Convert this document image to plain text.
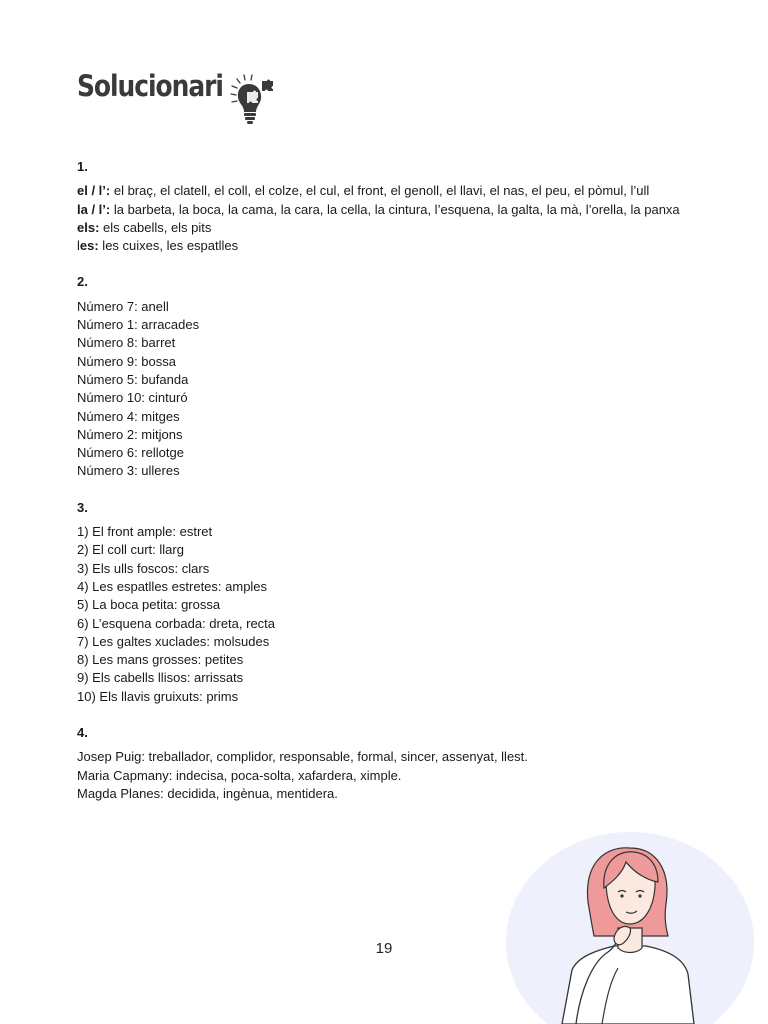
Solucionari
1.
el / l’: el braç, el clatell, el coll, el colze, el cul, el front, el genoll, el llavi, el nas, el peu, el pòmul, l’ull
la / l’: la barbeta, la boca, la cama, la cara, la cella, la cintura, l’esquena, la galta, la mà, l’orella, la panxa
els: els cabells, els pits
les: les cuixes, les espatlles
2.
Número 7: anell
Número 1: arracades
Número 8: barret
Número 9: bossa
Número 5: bufanda
Número 10: cinturó
Número 4: mitges
Número 2: mitjons
Número 6: rellotge
Número 3: ulleres
3.
1) El front ample: estret
2) El coll curt: llarg
3) Els ulls foscos: clars
4) Les espatlles estretes: amples
5) La boca petita: grossa
6) L’esquena corbada: dreta, recta
7) Les galtes xuclades: molsudes
8) Les mans grosses: petites
9) Els cabells llisos: arrissats
10) Els llavis gruixuts: prims
4.
Josep Puig: treballador, complidor, responsable, formal, sincer, assenyat, llest.
Maria Capmany: indecisa, poca-solta, xafardera, ximple.
Magda Planes: decidida, ingènua, mentidera.
19
